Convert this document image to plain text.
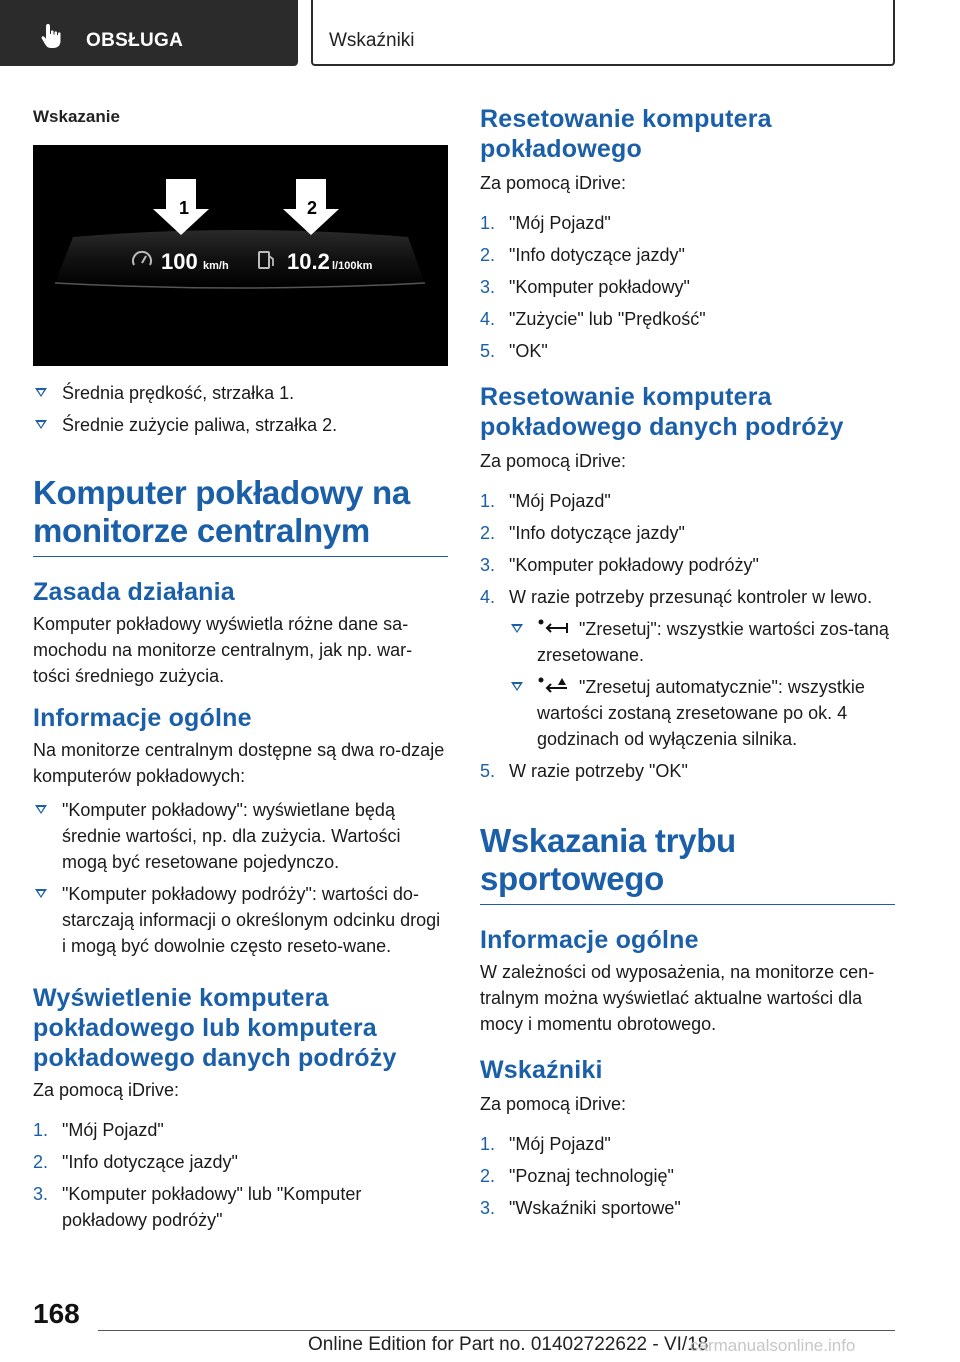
OBSŁUGA	Wskaźniki
Wskazanie
1	2
100 km/h	10.2 l/100km
Średnia prędkość, strzałka 1.
Średnie zużycie paliwa, strzałka 2.
Komputer pokładowy na monitorze centralnym
Zasada działania

Komputer pokładowy wyświetla różne dane sa-mochodu na monitorze centralnym, jak np. war-tości średniego zużycia.

Informacje ogólne

Na monitorze centralnym dostępne są dwa ro-dzaje komputerów pokładowych:

"Komputer pokładowy": wyświetlane będą średnie wartości, np. dla zużycia. Wartości mogą być resetowane pojedynczo.
"Komputer pokładowy podróży": wartości do-starczają informacji o określonym odcinku drogi i mogą być dowolnie często reseto-wane.
Wyświetlenie komputera pokładowego lub komputera pokładowego danych podróży

Za pomocą iDrive:

1. "Mój Pojazd"
2. "Info dotyczące jazdy"
3. "Komputer pokładowy" lub "Komputer pokładowy podróży"
Resetowanie komputera pokładowego

Za pomocą iDrive:

1. "Mój Pojazd"
2. "Info dotyczące jazdy"
3. "Komputer pokładowy"
4. "Zużycie" lub "Prędkość"
5. "OK"
Resetowanie komputera pokładowego danych podróży

Za pomocą iDrive:

1. "Mój Pojazd"
2. "Info dotyczące jazdy"
3. "Komputer pokładowy podróży"
4. W razie potrzeby przesunąć kontroler w lewo.
"Zresetuj": wszystkie wartości zos-taną zresetowane.
"Zresetuj automatycznie": wszystkie wartości zostaną zresetowane po ok. 4 godzinach od wyłączenia silnika.
5. W razie potrzeby "OK"
Wskazania trybu sportowego
Informacje ogólne

W zależności od wyposażenia, na monitorze cen-tralnym można wyświetlać aktualne wartości dla mocy i momentu obrotowego.

Wskaźniki

Za pomocą iDrive:

1. "Mój Pojazd"
2. "Poznaj technologię"
3. "Wskaźniki sportowe"
168
Online Edition for Part no. 01402722622 - VI/18
carmanualsonline.info
